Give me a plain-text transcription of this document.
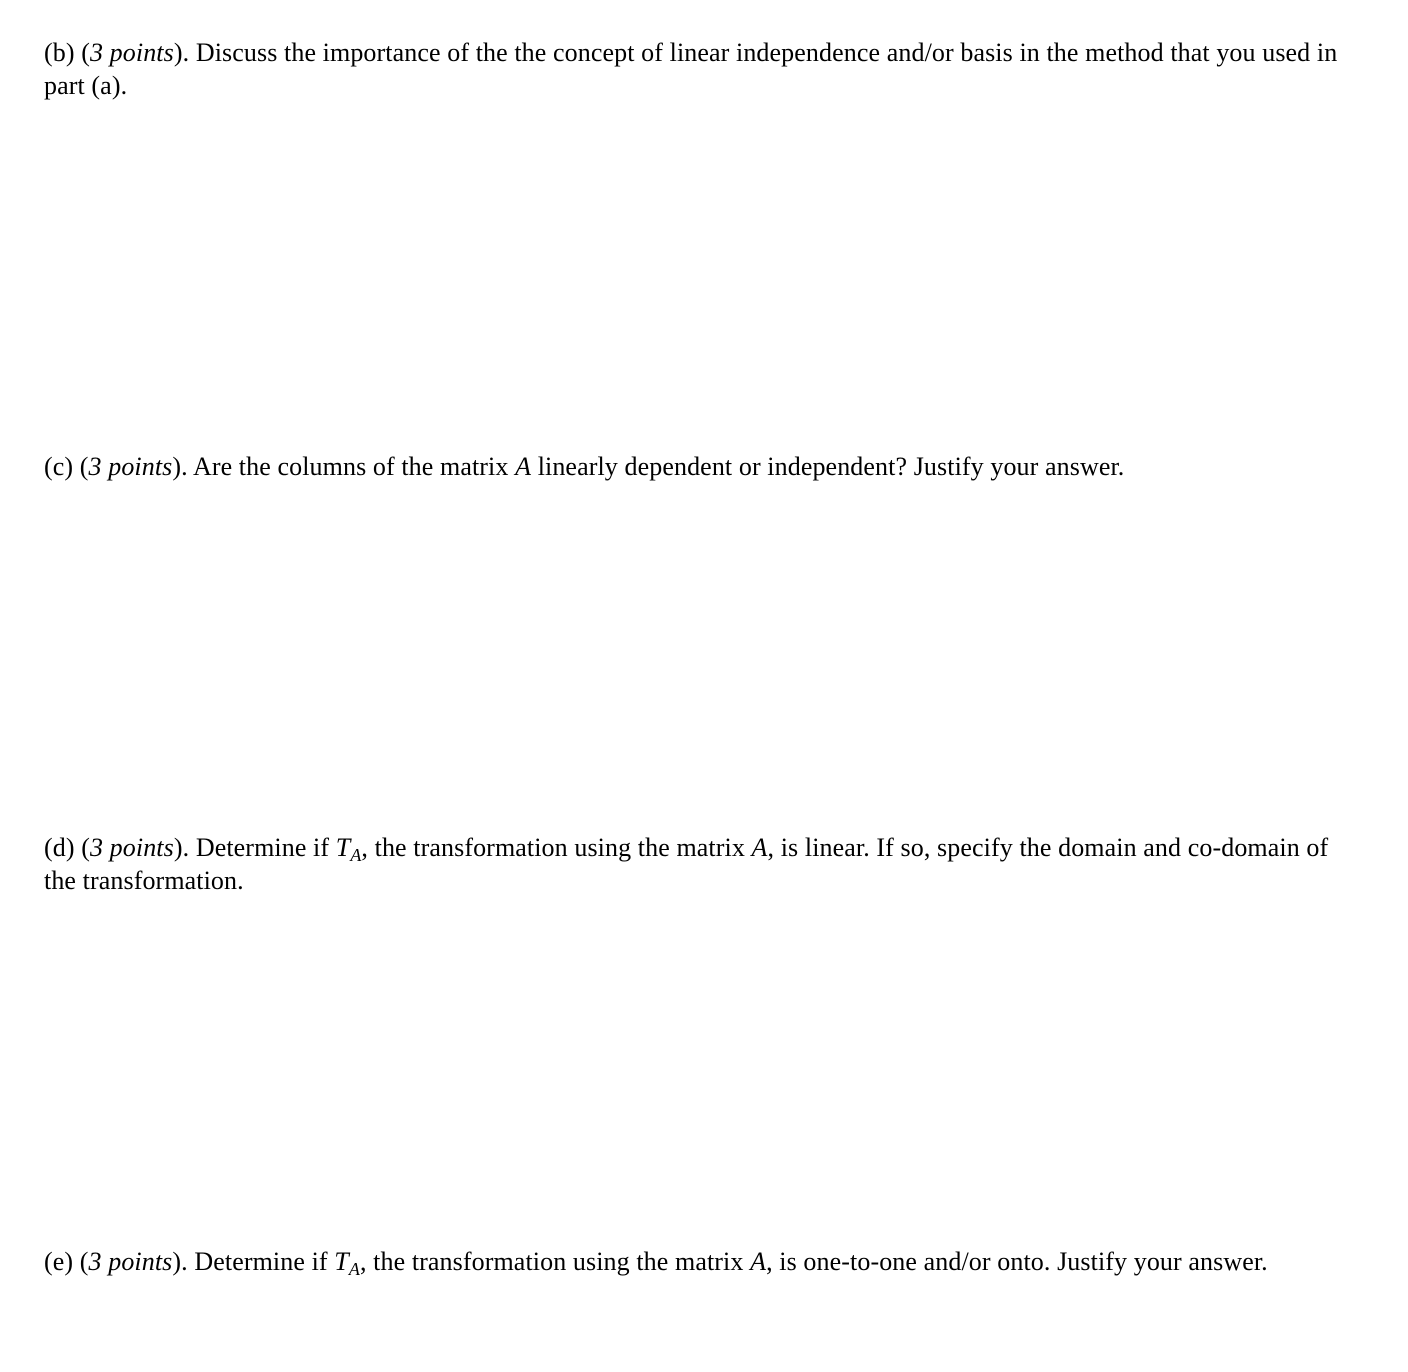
(b) (3 points). Discuss the importance of the the concept of linear independence and/or basis in the method that you used in part (a).
(c) (3 points). Are the columns of the matrix A linearly dependent or independent? Justify your answer.
(d) (3 points). Determine if $T_A$, the transformation using the matrix A, is linear. If so, specify the domain and co-domain of the transformation.
(e) (3 points). Determine if $T_A$, the transformation using the matrix A, is one-to-one and/or onto. Justify your answer.
